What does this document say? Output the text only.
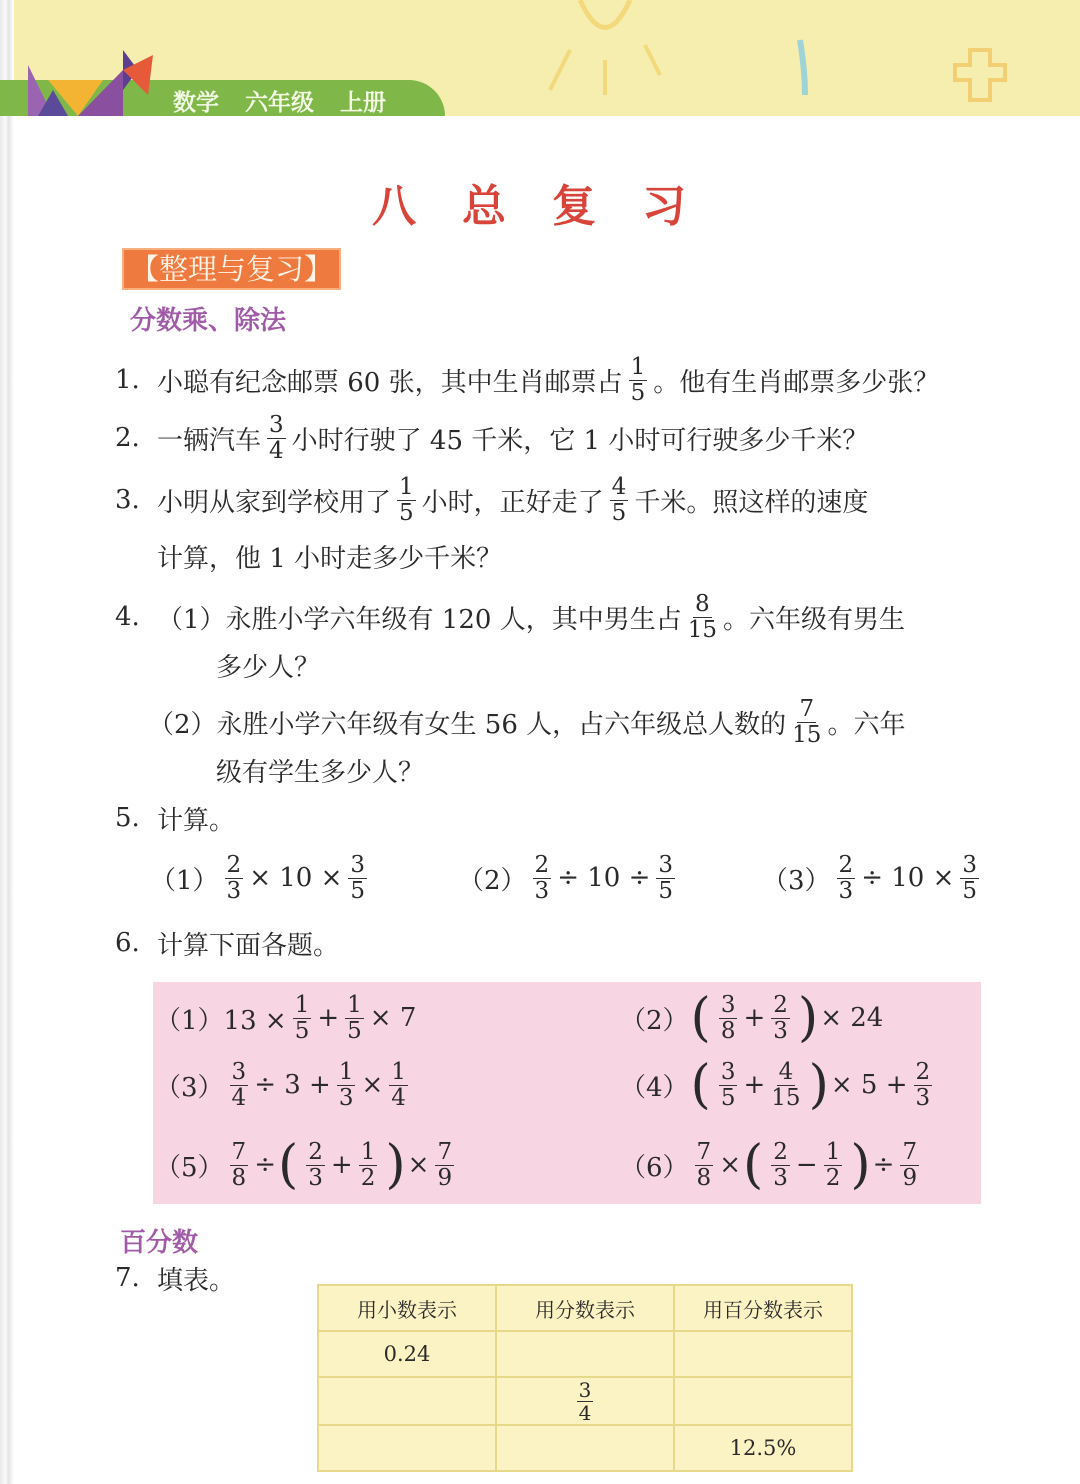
数学 六年级 上册
八总复习
【整理与复习】
分数乘、除法
百分数
1. 小聪有纪念邮票 60 张，其中生肖邮票占 $\frac{1}{5}$ 。他有生肖邮票多少张？
2. 一辆汽车 $\frac{3}{4}$ 小时行驶了 45 千米，它 1 小时可行驶多少千米？
3. 小明从家到学校用了 $\frac{1}{5}$ 小时，正好走了 $\frac{4}{5}$ 千米。照这样的速度
计算，他 1 小时走多少千米？
4. （1）永胜小学六年级有 120 人，其中男生占 $\frac{8}{15}$ 。六年级有男生
多少人？
（2）永胜小学六年级有女生 56 人，占六年级总人数的 $\frac{7}{15}$ 。六年
级有学生多少人？
5. 计算。
6. 计算下面各题。
7. 填表。
$(1) \frac{2}{3} \times 10 \times \frac{3}{5}$	$(2) \frac{2}{3} \div 10 \div \frac{3}{5}$	$(3) \frac{2}{3} \div 10 \times \frac{3}{5}$
$(1)13 \times \frac{1}{5} + \frac{1}{5} \times 7$	（2） ( $\frac{3}{8} + \frac{2}{3}$ ) × 24
$(3) \frac{3}{4} \div 3 + \frac{1}{3} \times \frac{1}{4}$	（4） ( $\frac{3}{5} + \frac{4}{15}$ ) × $5 + \frac{2}{3}$
$(5) \frac{7}{8}$ ÷ ( $\frac{2}{3} + \frac{1}{2}$ ) × $\frac{7}{9}$	$(6) \frac{7}{8}$ × ( $\frac{2}{3} - \frac{1}{2}$ ) ÷ $\frac{7}{9}$
用小数表示	用分数表示	用百分数表示
0.24		

	$\frac{3}{4}$

		12.5%
